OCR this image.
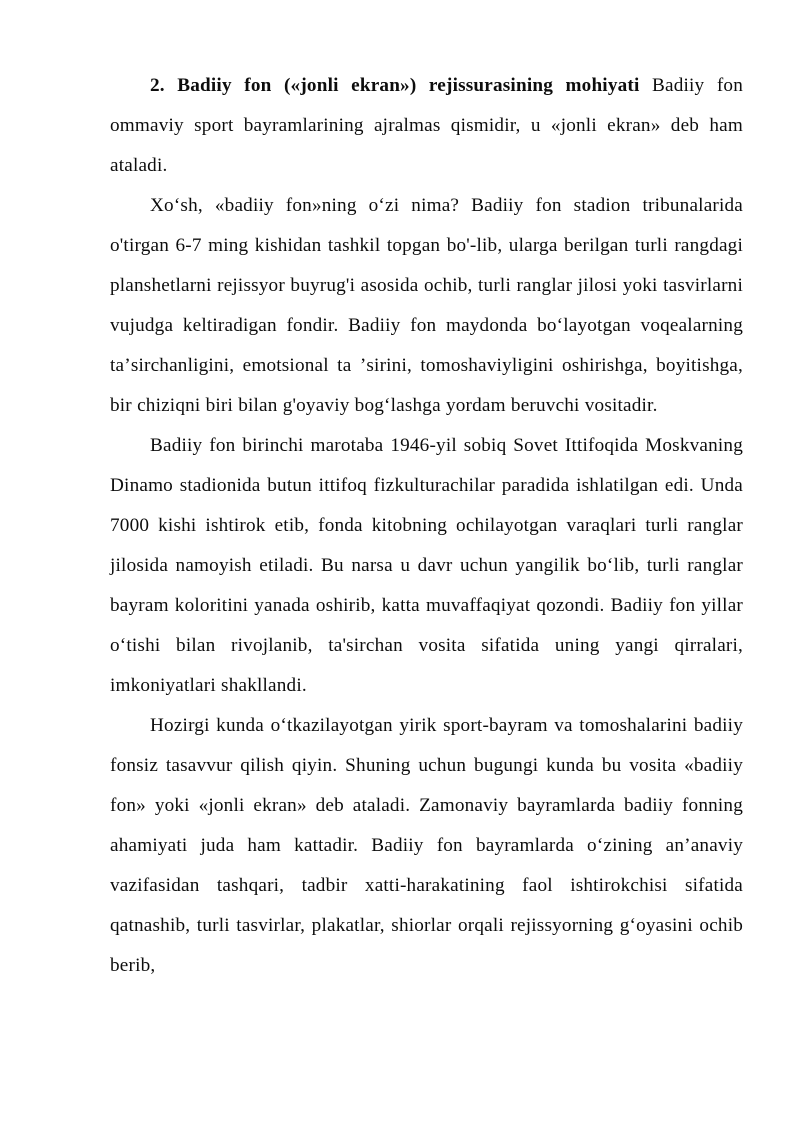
2. Badiiy fon («jonli ekran») rejissurasining mohiyati Badiiy fon ommaviy sport bayramlarining ajralmas qismidir, u «jonli ekran» deb ham ataladi.

Xoʻsh, «badiiy fon»ning oʻzi nima? Badiiy fon stadion tribunalarida o'tirgan 6-7 ming kishidan tashkil topgan bo'-lib, ularga berilgan turli rangdagi planshetlarni rejissyor buyrug'i asosida ochib, turli ranglar jilosi yoki tasvirlarni vujudga keltiradigan fondir. Badiiy fon maydonda boʻlayotgan voqealarning taʼsirchanligini, emotsional ta ʼsirini, tomoshaviyligini oshirishga, boyitishga, bir chiziqni biri bilan g'oyaviy bogʻlashga yordam beruvchi vositadir.

Badiiy fon birinchi marotaba 1946-yil sobiq Sovet Ittifoqida Moskvaning Dinamo stadionida butun ittifoq fizkulturachilar paradida ishlatilgan edi. Unda 7000 kishi ishtirok etib, fonda kitobning ochilayotgan varaqlari turli ranglar jilosida namoyish etiladi. Bu narsa u davr uchun yangilik boʻlib, turli ranglar bayram koloritini yanada oshirib, katta muvaffaqiyat qozondi. Badiiy fon yillar oʻtishi bilan rivojlanib, ta'sirchan vosita sifatida uning yangi qirralari, imkoniyatlari shakllandi.

Hozirgi kunda oʻtkazilayotgan yirik sport-bayram va tomoshalarini badiiy fonsiz tasavvur qilish qiyin. Shuning uchun bugungi kunda bu vosita «badiiy fon» yoki «jonli ekran» deb ataladi. Zamonaviy bayramlarda badiiy fonning ahamiyati juda ham kattadir. Badiiy fon bayramlarda oʻzining anʼanaviy vazifasidan tashqari, tadbir xatti-harakatining faol ishtirokchisi sifatida qatnashib, turli tasvirlar, plakatlar, shiorlar orqali rejissyorning gʻoyasini ochib berib,
